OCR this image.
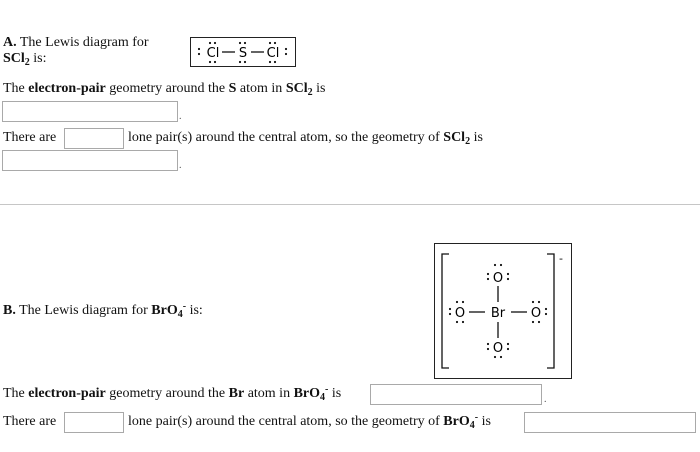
A. The Lewis diagram for
SCl$_2$ is:	Cl S Cl
The electron-pair geometry around the S atom in SCl$_2$ is
.
There are	lone pair(s) around the central atom, so the geometry of SCl$_2$ is
.
B. The Lewis diagram for BrO$_4$- is:
-
O
O Br O
O
The electron-pair geometry around the Br atom in BrO$_4$- is	.
There are	lone pair(s) around the central atom, so the geometry of BrO$_4$- is
